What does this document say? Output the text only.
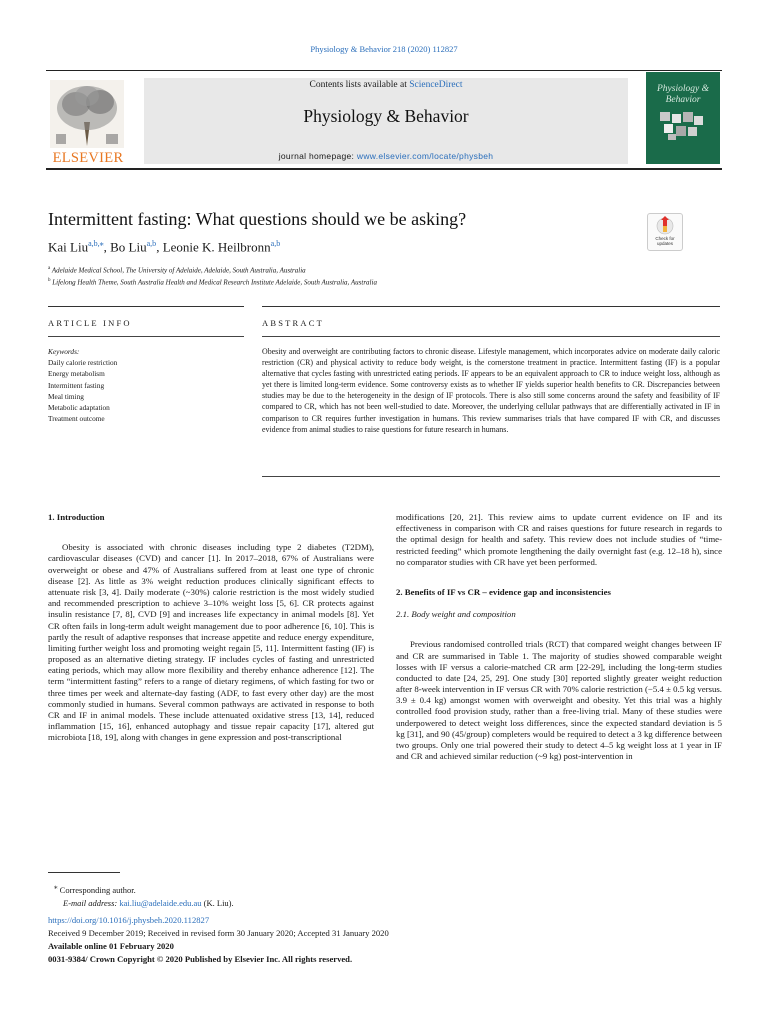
Physiology & Behavior 218 (2020) 112827
ELSEVIER
Contents lists available at ScienceDirect
Physiology & Behavior
journal homepage: www.elsevier.com/locate/physbeh
Physiology & Behavior
Intermittent fasting: What questions should we be asking?
Kai Liu$^{a,b,⁎}$, Bo Liu$^{a,b}$, Leonie K. Heilbronn$^{a,b}$
Check for updates
$^a$ Adelaide Medical School, The University of Adelaide, Adelaide, South Australia, Australia
$^b$ Lifelong Health Theme, South Australia Health and Medical Research Institute Adelaide, South Australia, Australia
ARTICLE INFO	ABSTRACT
Keywords:
Daily calorie restriction
Energy metabolism
Intermittent fasting
Meal timing
Metabolic adaptation
Treatment outcome
Obesity and overweight are contributing factors to chronic disease. Lifestyle management, which incorporates advice on moderate daily caloric restriction (CR) and physical activity to reduce body weight, is the cornerstone treatment in practice. Intermittent fasting (IF) is a popular alternative that cycles fasting with unrestricted eating periods. IF appears to be an equivalent approach to CR to induce weight loss, although as yet there is limited long-term evidence. Some controversy exists as to whether IF yields superior health benefits to CR. Discrepancies between studies may be due to the heterogeneity in the design of IF protocols. There is also still some concerns around the safety and feasibility of IF compared to CR, which has not been well-studied to date. Moreover, the underlying cellular pathways that are differentially activated in IF in comparison to CR requires further investigation in humans. This review summarises trials that have compared IF with CR, and discusses evidence from animal studies to raise questions for future research in humans.
1. Introduction

Obesity is associated with chronic diseases including type 2 diabetes (T2DM), cardiovascular diseases (CVD) and cancer [1]. In 2017–2018, 67% of Australians were overweight or obese and 47% of Australians suffered from at least one type of chronic disease [2]. As little as 3% weight reduction produces clinically significant effects to attenuate risk [3, 4]. Daily moderate (~30%) calorie restriction is the most widely studied and recommended prescription to achieve 3–10% weight loss [5, 6]. CR protects against insulin resistance [7, 8], CVD [9] and increases life expectancy in animal models [8]. Yet CR often fails in long-term adult weight management due to poor adherence [6, 10]. This is partly the result of adaptive responses that increase appetite and reduce energy expenditure, limiting further weight loss and promoting weight regain [5, 11]. Intermittent fasting (IF) is proposed as an alternative dieting strategy. IF includes cycles of fasting and unrestricted eating periods, which may allow more flexibility and thereby enhance adherence [12]. The term “intermittent fasting” refers to a range of dietary regimens, of which fasting for two or three times per week and alternate-day fasting (ADF, to fast every other day) are the most commonly studied in humans. Several common pathways are activated in response to both CR and IF in animal models. These include attenuated oxidative stress [13, 14], reduced inflammation [15, 16], enhanced autophagy and tissue repair capacity [17], altered gut microbiota [18, 19], along with changes in gene expression and post-transcriptional

modifications [20, 21]. This review aims to update current evidence on IF and its effectiveness in comparison with CR and raises questions for future research in regards to the optimal design for health and safety. This review does not include studies of “time-restricted feeding” which promote lengthening the daily overnight fast (e.g. 12–18 h), since no comparator studies with CR have yet been performed.

2. Benefits of IF vs CR – evidence gap and inconsistencies
2.1. Body weight and composition

Previous randomised controlled trials (RCT) that compared weight changes between IF and CR are summarised in Table 1. The majority of studies showed comparable weight losses with IF versus a calorie-matched CR arm [22-29], including the long-term studies conducted to date [24, 25, 29]. One study [30] reported slightly greater weight reduction after 8-week intervention in IF versus CR with 70% calorie restriction (−5.4 ± 0.5 kg versus. 3.9 ± 0.4 kg) amongst women with overweight and obesity. Yet this trial was a highly controlled food provision study, rather than a free-living trial. Many of these studies were underpowered to detect weight loss differences, since the expected standard deviation is 5 kg [31], and 90 (45/group) completers would be required to detect a 3 kg difference between two groups. Only one trial powered their study to detect 4–5 kg weight loss at 1 year in IF and CR and achieved similar reduction (~9 kg) post-intervention in

⁎ Corresponding author.
E-mail address: kai.liu@adelaide.edu.au (K. Liu).
https://doi.org/10.1016/j.physbeh.2020.112827
Received 9 December 2019; Received in revised form 30 January 2020; Accepted 31 January 2020
Available online 01 February 2020
0031-9384/ Crown Copyright © 2020 Published by Elsevier Inc. All rights reserved.
